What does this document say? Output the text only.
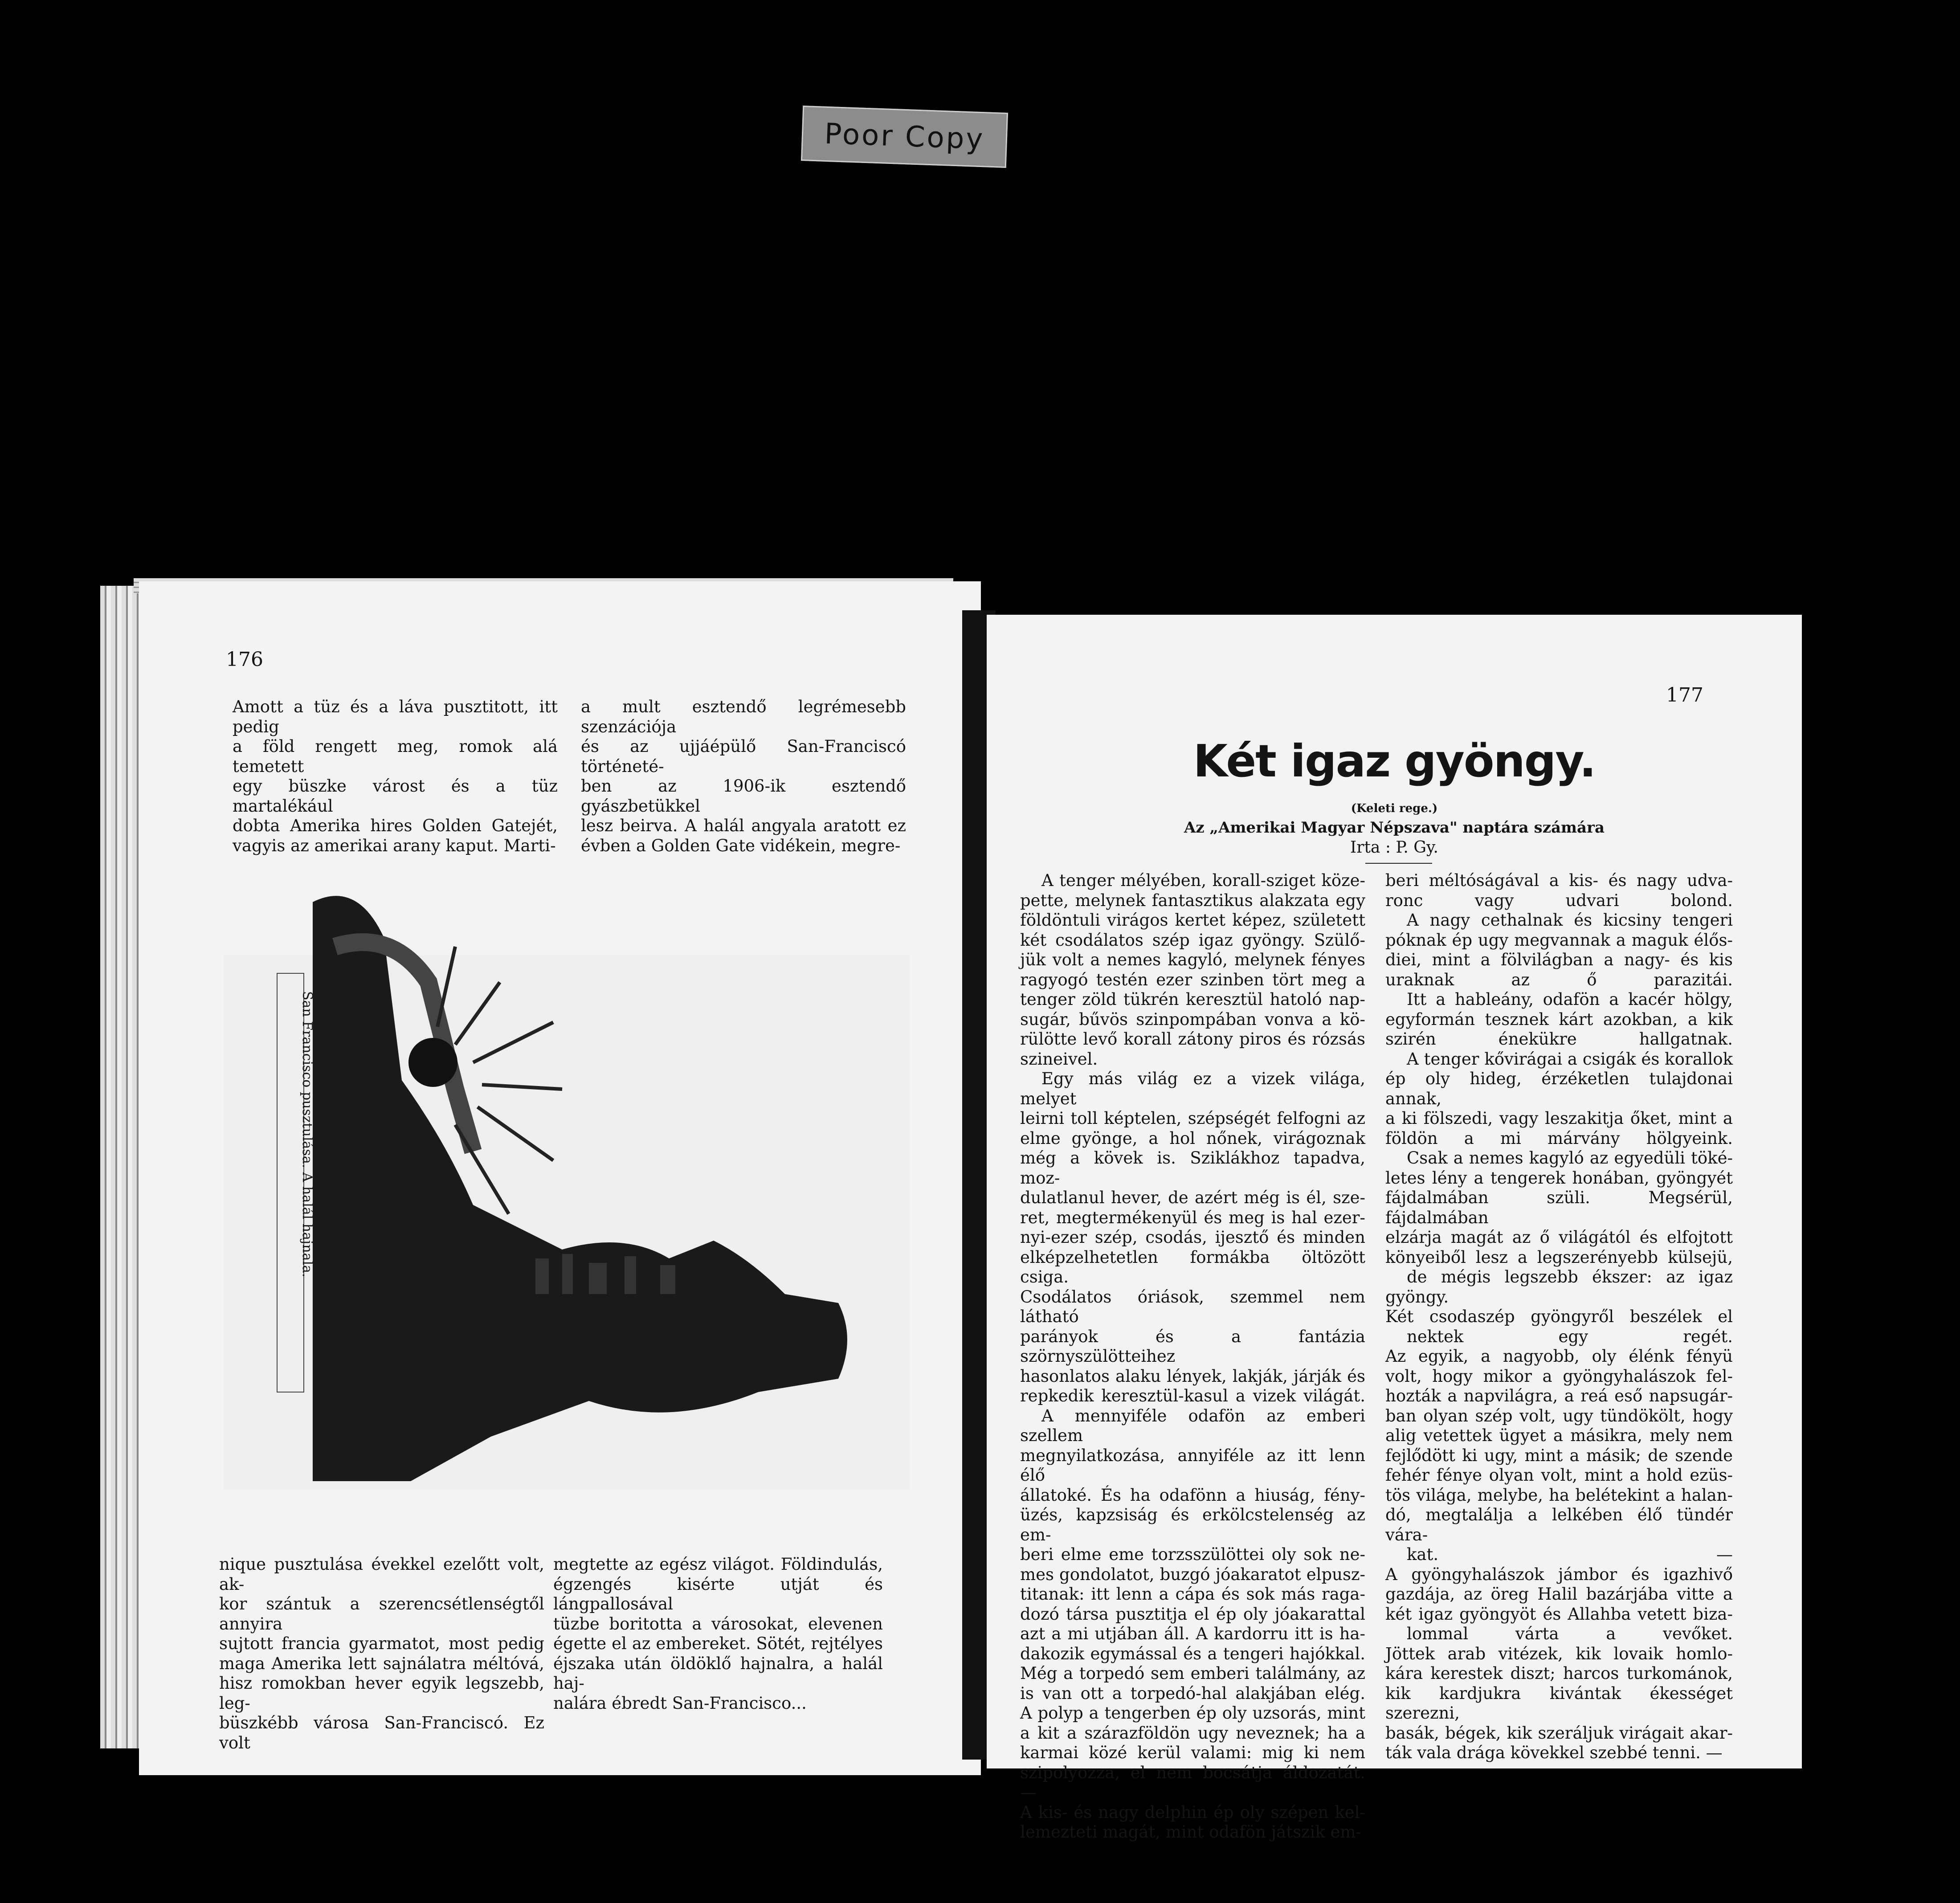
Poor Copy
176

Amott a tüz és a láva pusztitott, itt pedig

a föld rengett meg, romok alá temetett

egy büszke várost és a tüz martalékául

dobta Amerika hires Golden Gatejét,

vagyis az amerikai arany kaput. Marti-

a mult esztendő legrémesebb szenzációja

és az ujjáépülő San-Franciscó történeté-

ben az 1906-ik esztendő gyászbetükkel

lesz beirva. A halál angyala aratott ez

évben a Golden Gate vidékein, megre-

San Francisco pusztulása. A halál hajnala.

nique pusztulása évekkel ezelőtt volt, ak-

kor szántuk a szerencsétlenségtől annyira

sujtott francia gyarmatot, most pedig

maga Amerika lett sajnálatra méltóvá,

hisz romokban hever egyik legszebb, leg-

büszkébb városa San-Franciscó. Ez volt

megtette az egész világot. Földindulás,

égzengés kisérte utját és lángpallosával

tüzbe boritotta a városokat, elevenen

égette el az embereket. Sötét, rejtélyes

éjszaka után öldöklő hajnalra, a halál haj-

nalára ébredt San-Francisco...

177
Két igaz gyöngy.
(Keleti rege.)
Az „Amerikai Magyar Népszava" naptára számára
Irta : P. Gy.

A tenger mélyében, korall-sziget köze-

pette, melynek fantasztikus alakzata egy

földöntuli virágos kertet képez, született

két csodálatos szép igaz gyöngy. Szülő-

jük volt a nemes kagyló, melynek fényes

ragyogó testén ezer szinben tört meg a

tenger zöld tükrén keresztül hatoló nap-

sugár, bűvös szinpompában vonva a kö-

rülötte levő korall zátony piros és rózsás

szineivel.

Egy más világ ez a vizek világa, melyet

leirni toll képtelen, szépségét felfogni az

elme gyönge, a hol nőnek, virágoznak

még a kövek is. Sziklákhoz tapadva, moz-

dulatlanul hever, de azért még is él, sze-

ret, megtermékenyül és meg is hal ezer-

nyi-ezer szép, csodás, ijesztő és minden

elképzelhetetlen formákba öltözött csiga.

Csodálatos óriások, szemmel nem látható

parányok és a fantázia szörnyszülötteihez

hasonlatos alaku lények, lakják, járják és

repkedik keresztül-kasul a vizek világát.

A mennyiféle odafön az emberi szellem

megnyilatkozása, annyiféle az itt lenn élő

állatoké. És ha odafönn a hiuság, fény-

üzés, kapzsiság és erkölcstelenség az em-

beri elme eme torzsszülöttei oly sok ne-

mes gondolatot, buzgó jóakaratot elpusz-

titanak: itt lenn a cápa és sok más raga-

dozó társa pusztitja el ép oly jóakarattal

azt a mi utjában áll. A kardorru itt is ha-

dakozik egymással és a tengeri hajókkal.

Még a torpedó sem emberi találmány, az

is van ott a torpedó-hal alakjában elég.

A polyp a tengerben ép oly uzsorás, mint

a kit a szárazföldön ugy neveznek; ha a

karmai közé kerül valami: mig ki nem

szipolyozza, el nem bocsátja áldozatát. —

A kis- és nagy delphin ép oly szépen kel-

lemezteti magát, mint odafön játszik em-

beri méltóságával a kis- és nagy udva-

ronc vagy udvari bolond.

A nagy cethalnak és kicsiny tengeri

póknak ép ugy megvannak a maguk élős-

diei, mint a fölvilágban a nagy- és kis

uraknak az ő parazitái.

Itt a hableány, odafön a kacér hölgy,

egyformán tesznek kárt azokban, a kik

szirén énekükre hallgatnak.

A tenger kővirágai a csigák és korallok

ép oly hideg, érzéketlen tulajdonai annak,

a ki fölszedi, vagy leszakitja őket, mint a

földön a mi márvány hölgyeink.

Csak a nemes kagyló az egyedüli töké-

letes lény a tengerek honában, gyöngyét

fájdalmában szüli. Megsérül, fájdalmában

elzárja magát az ő világától és elfojtott

könyeiből lesz a legszerényebb külsejü,

de mégis legszebb ékszer: az igaz gyöngy.

Két csodaszép gyöngyről beszélek el

nektek egy regét.

Az egyik, a nagyobb, oly élénk fényü

volt, hogy mikor a gyöngyhalászok fel-

hozták a napvilágra, a reá eső napsugár-

ban olyan szép volt, ugy tündökölt, hogy

alig vetettek ügyet a másikra, mely nem

fejlődött ki ugy, mint a másik; de szende

fehér fénye olyan volt, mint a hold ezüs-

tös világa, melybe, ha belétekint a halan-

dó, megtalálja a lelkében élő tündér vára-

kat. —

A gyöngyhalászok jámbor és igazhivő

gazdája, az öreg Halil bazárjába vitte a

két igaz gyöngyöt és Allahba vetett biza-

lommal várta a vevőket.

Jöttek arab vitézek, kik lovaik homlo-

kára kerestek diszt; harcos turkománok,

kik kardjukra kivántak ékességet szerezni,

basák, bégek, kik szeráljuk virágait akar-

ták vala drága kövekkel szebbé tenni. —
